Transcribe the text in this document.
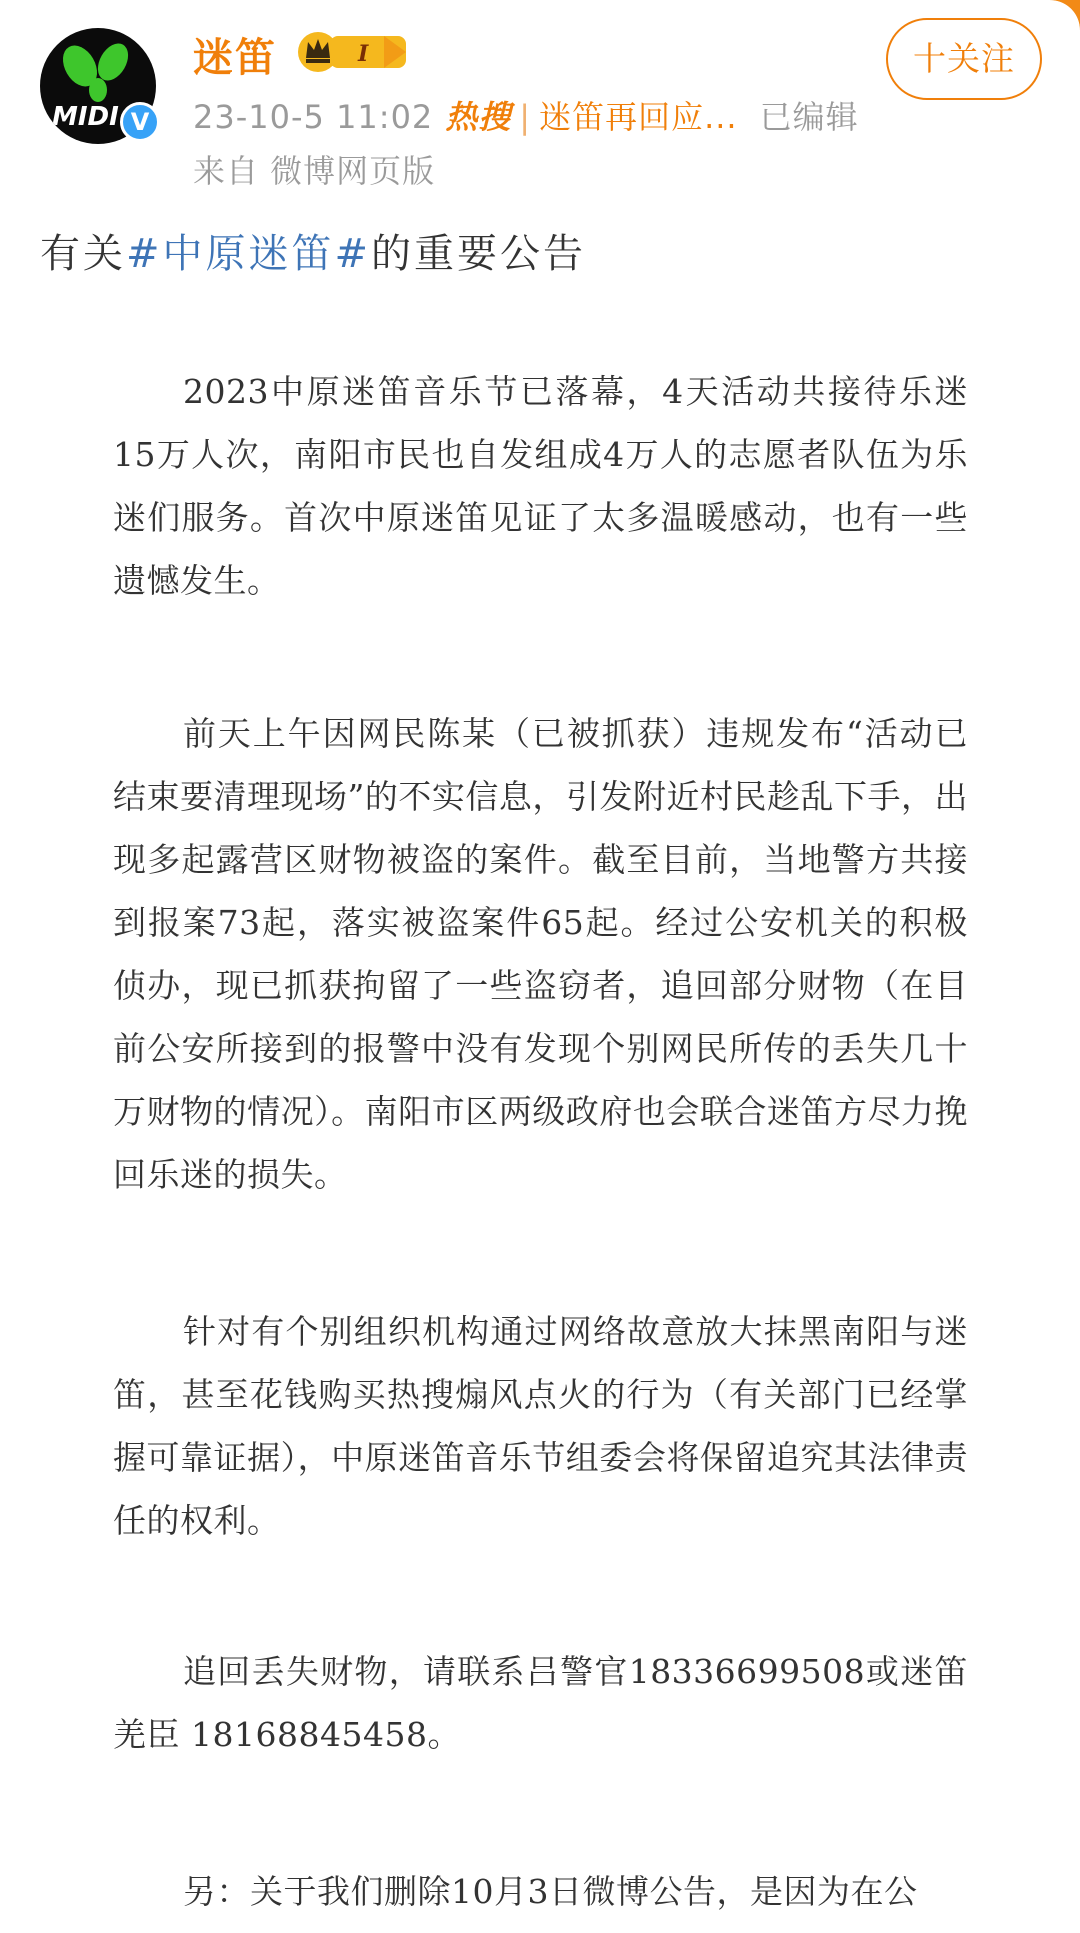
MIDI V
迷笛	I
23-10-5 11:02 热搜 | 迷笛再回应... 已编辑
来自 微博网页版
十关注
有关#中原迷笛#的重要公告
2023中原迷笛音乐节已落幕，4天活动共接待乐迷15万人次，南阳市民也自发组成4万人的志愿者队伍为乐迷们服务。首次中原迷笛见证了太多温暖感动，也有一些遗憾发生。
前天上午因网民陈某（已被抓获）违规发布“活动已结束要清理现场”的不实信息，引发附近村民趁乱下手，出现多起露营区财物被盗的案件。截至目前，当地警方共接到报案73起，落实被盗案件65起。经过公安机关的积极侦办，现已抓获拘留了一些盗窃者，追回部分财物（在目前公安所接到的报警中没有发现个别网民所传的丢失几十万财物的情况）。南阳市区两级政府也会联合迷笛方尽力挽回乐迷的损失。
针对有个别组织机构通过网络故意放大抹黑南阳与迷笛，甚至花钱购买热搜煽风点火的行为（有关部门已经掌握可靠证据），中原迷笛音乐节组委会将保留追究其法律责任的权利。
追回丢失财物，请联系吕警官18336699508或迷笛羌臣 18168845458。
另：关于我们删除10月3日微博公告，是因为在公
